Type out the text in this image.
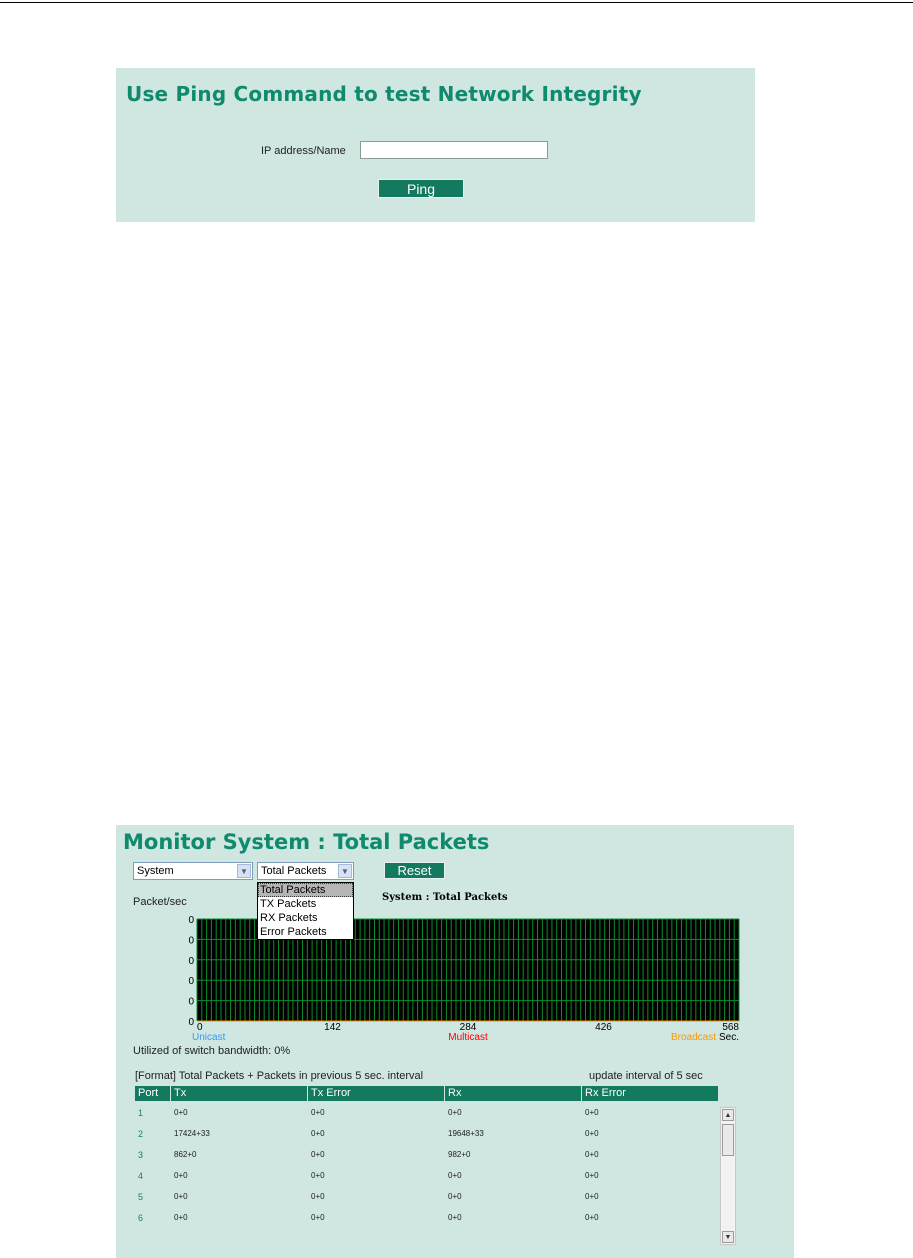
Use Ping Command to test Network Integrity
IP address/Name
Ping
Monitor System : Total Packets
System	▼ Total Packets	▼
Total Packets
TX Packets
RX Packets
Error Packets
Reset
Packet/sec	System : Total Packets
0
0
0
0
0
0 0	142	284	426	568
Sec.
Unicast	Multicast	Broadcast
Utilized of switch bandwidth: 0%
[Format] Total Packets + Packets in previous 5 sec. interval	update interval of 5 sec
Port	Tx	Tx Error	Rx	Rx Error
1	0+0	0+0	0+0	0+0
2	17424+33	0+0	19648+33	0+0
3	862+0	0+0	982+0	0+0
4	0+0	0+0	0+0	0+0
5	0+0	0+0	0+0	0+0
6	0+0	0+0	0+0	0+0
▲
▼
